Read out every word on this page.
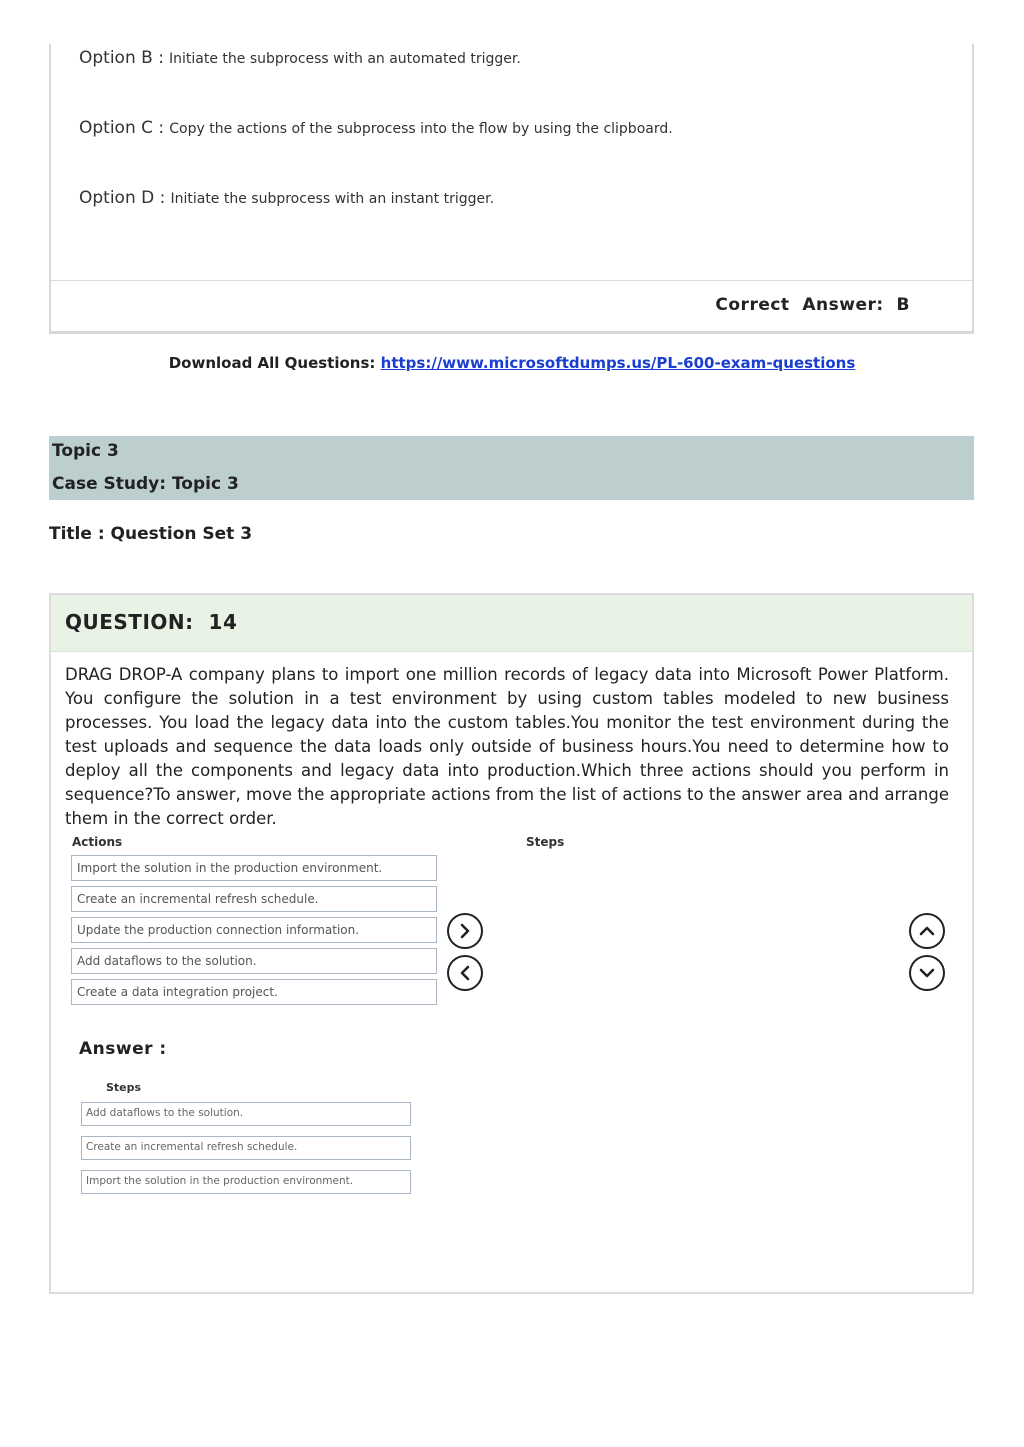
Option B : Initiate the subprocess with an automated trigger.
Option C : Copy the actions of the subprocess into the flow by using the clipboard.
Option D : Initiate the subprocess with an instant trigger.
Correct  Answer:  B
Download All Questions: https://www.microsoftdumps.us/PL-600-exam-questions
Topic 3
Case Study: Topic 3
Title : Question Set 3
QUESTION:  14
DRAG DROP-A company plans to import one million records of legacy data into Microsoft Power Platform. You configure the solution in a test environment by using custom tables modeled to new business processes. You load the legacy data into the custom tables.You monitor the test environment during the test uploads and sequence the data loads only outside of business hours.You need to determine how to deploy all the components and legacy data into production.Which three actions should you perform in sequence?To answer, move the appropriate actions from the list of actions to the answer area and arrange them in the correct order.
Actions	Steps
Import the solution in the production environment.
Create an incremental refresh schedule.
Update the production connection information.
Add dataflows to the solution.
Create a data integration project.
Answer :
Steps
Add dataflows to the solution.
Create an incremental refresh schedule.
Import the solution in the production environment.
